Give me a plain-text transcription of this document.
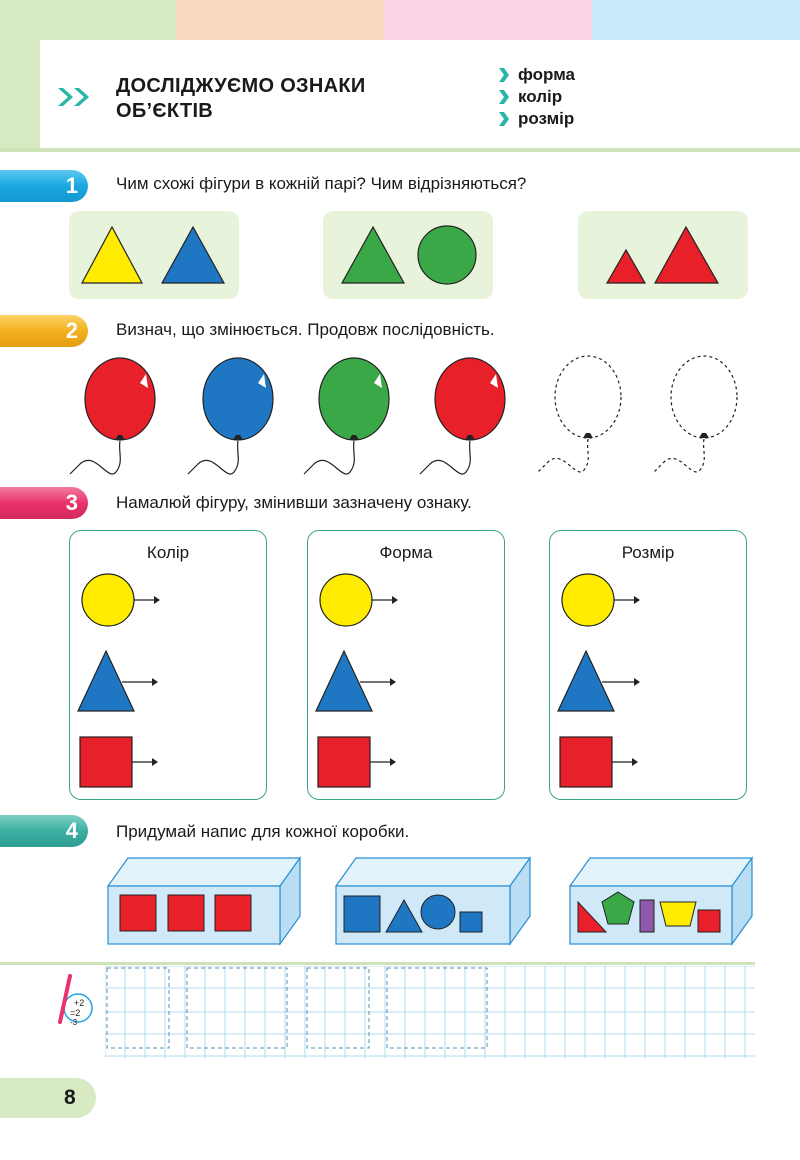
ДОСЛІДЖУЄМО ОЗНАКИ
ОБ’ЄКТІВ
форма
колір
розмір
1 Чим схожі фігури в кожній парі? Чим відрізняються?
2 Визнач, що змінюється. Продовж послідовність.
3 Намалюй фігуру, змінивши зазначену ознаку.
Колір	Форма	Розмір
4 Придумай напис для кожної коробки.
+2
=2
-3
8
